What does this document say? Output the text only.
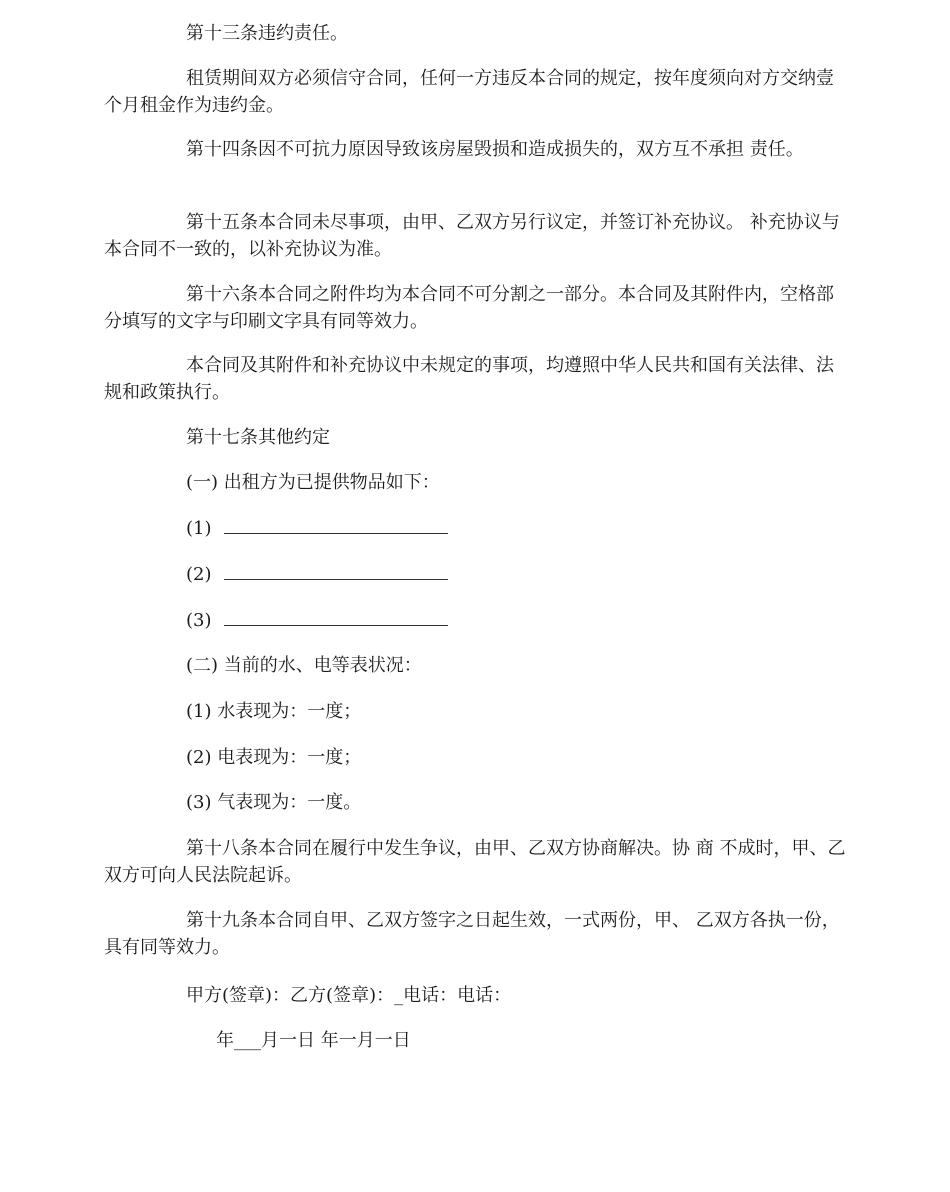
第十三条违约责任。
租赁期间双方必须信守合同，任何一方违反本合同的规定，按年度须向对方交纳壹个月租金作为违约金。
第十四条因不可抗力原因导致该房屋毁损和造成损失的，双方互不承担 责任。
第十五条本合同未尽事项，由甲、乙双方另行议定，并签订补充协议。 补充协议与本合同不一致的，以补充协议为准。
第十六条本合同之附件均为本合同不可分割之一部分。本合同及其附件内，空格部分填写的文字与印刷文字具有同等效力。
本合同及其附件和补充协议中未规定的事项，均遵照中华人民共和国有关法律、法规和政策执行。
第十七条其他约定
(一) 出租方为已提供物品如下：
(1)
(2)
(3)
(二) 当前的水、电等表状况：
(1) 水表现为：一度；
(2) 电表现为：一度；
(3) 气表现为：一度。
第十八条本合同在履行中发生争议，由甲、乙双方协商解决。协 商 不成时，甲、乙双方可向人民法院起诉。
第十九条本合同自甲、乙双方签字之日起生效，一式两份，甲、 乙双方各执一份，具有同等效力。
甲方(签章)：乙方(签章)：_电话：电话：
年___月一日 年一月一日
